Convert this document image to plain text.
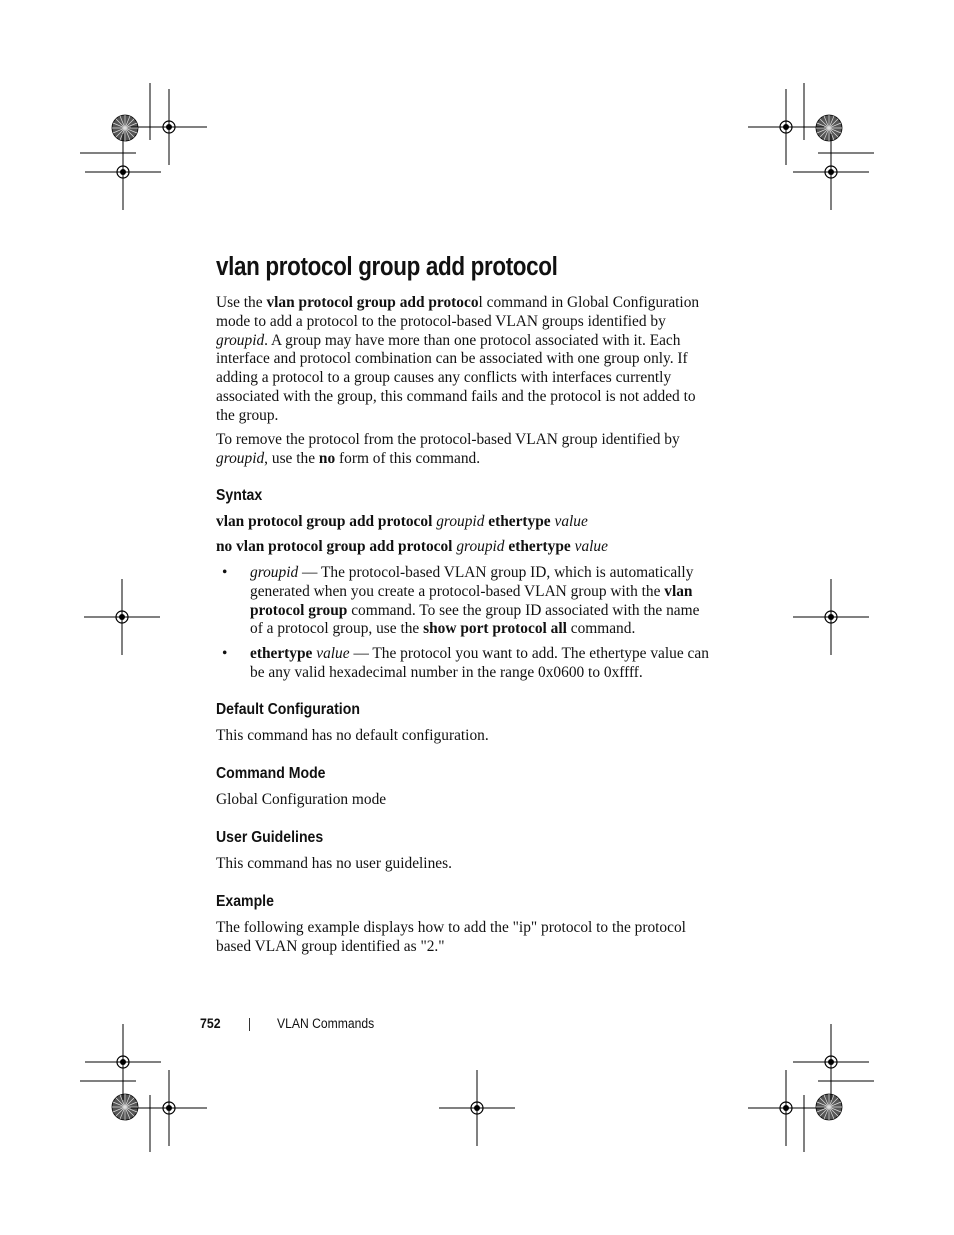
vlan protocol group add protocol

Use the vlan protocol group add protocol command in Global Configuration mode to add a protocol to the protocol-based VLAN groups identified by groupid. A group may have more than one protocol associated with it. Each interface and protocol combination can be associated with one group only. If adding a protocol to a group causes any conflicts with interfaces currently associated with the group, this command fails and the protocol is not added to the group.

To remove the protocol from the protocol-based VLAN group identified by groupid, use the no form of this command.

Syntax

vlan protocol group add protocol groupid ethertype value

no vlan protocol group add protocol groupid ethertype value

• groupid — The protocol-based VLAN group ID, which is automatically generated when you create a protocol-based VLAN group with the vlan protocol group command. To see the group ID associated with the name of a protocol group, use the show port protocol all command.

• ethertype value — The protocol you want to add. The ethertype value can be any valid hexadecimal number in the range 0x0600 to 0xffff.

Default Configuration

This command has no default configuration.

Command Mode

Global Configuration mode

User Guidelines

This command has no user guidelines.

Example

The following example displays how to add the "ip" protocol to the protocol based VLAN group identified as "2."

752	VLAN Commands
